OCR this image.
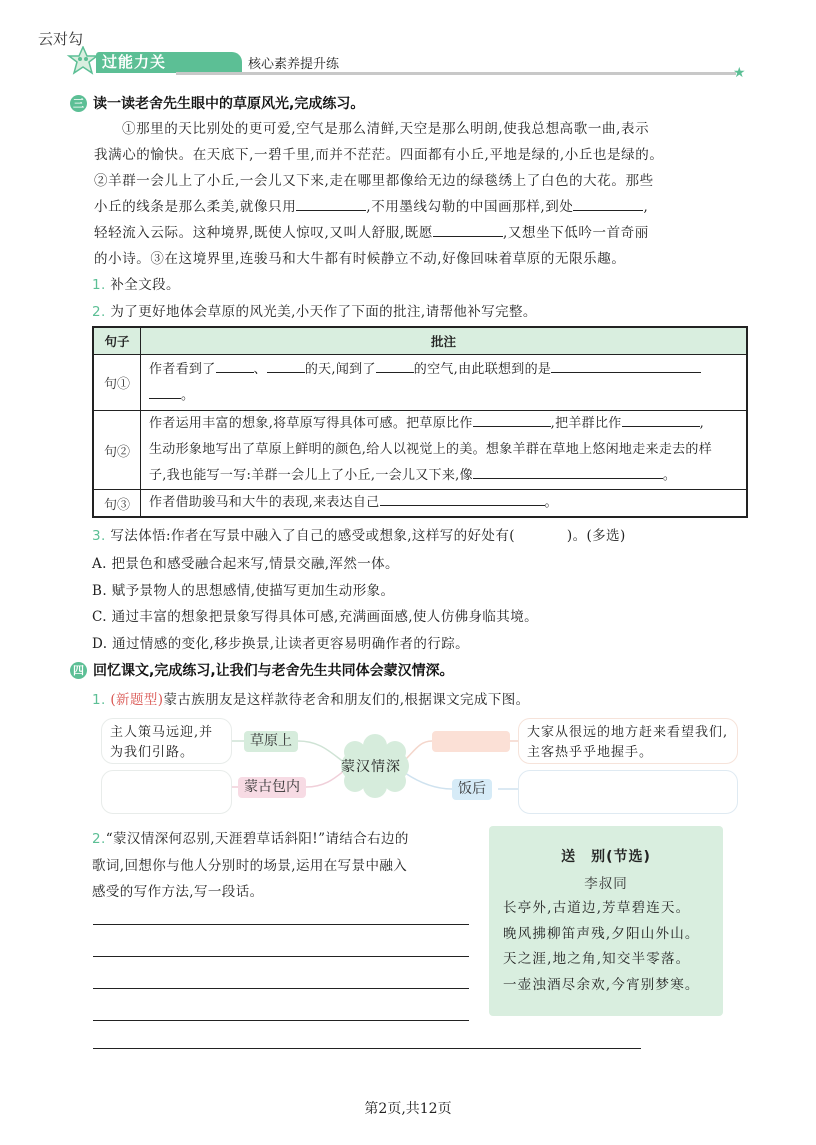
云对勾
过能力关	核心素养提升练
★
三 读一读老舍先生眼中的草原风光,完成练习。
①那里的天比别处的更可爱,空气是那么清鲜,天空是那么明朗,使我总想高歌一曲,表示
我满心的愉快。在天底下,一碧千里,而并不茫茫。四面都有小丘,平地是绿的,小丘也是绿的。
②羊群一会儿上了小丘,一会儿又下来,走在哪里都像给无边的绿毯绣上了白色的大花。那些
小丘的线条是那么柔美,就像只用	,不用墨线勾勒的中国画那样,到处	,
轻轻流入云际。这种境界,既使人惊叹,又叫人舒服,既愿	,又想坐下低吟一首奇丽
的小诗。③在这境界里,连骏马和大牛都有时候静立不动,好像回味着草原的无限乐趣。
1. 补全文段。
2. 为了更好地体会草原的风光美,小天作了下面的批注,请帮他补写完整。
句子	批注
句①	作者看到了 、 的天,闻到了 的空气,由此联想到的是
。

句②	作者运用丰富的想象,将草原写得具体可感。把草原比作 ,把羊群比作 ,
生动形象地写出了草原上鲜明的颜色,给人以视觉上的美。想象羊群在草地上悠闲地走来走去的样
子,我也能写一写:羊群一会儿上了小丘,一会儿又下来,像 。

句③	作者借助骏马和大牛的表现,来表达自己 。
3. 写法体悟:作者在写景中融入了自己的感受或想象,这样写的好处有(	)。(多选)
A. 把景色和感受融合起来写,情景交融,浑然一体。
B. 赋予景物人的思想感情,使描写更加生动形象。
C. 通过丰富的想象把景象写得具体可感,充满画面感,使人仿佛身临其境。
D. 通过情感的变化,移步换景,让读者更容易明确作者的行踪。
四 回忆课文,完成练习,让我们与老舍先生共同体会蒙汉情深。
1. (新题型)蒙古族朋友是这样款待老舍和朋友们的,根据课文完成下图。
蒙汉情深
主人策马远迎,并为我们引路。
草原上
蒙古包内
大家从很远的地方赶来看望我们,主客热乎乎地握手。
饭后
2.“蒙汉情深何忍别,天涯碧草话斜阳!”请结合右边的
歌词,回想你与他人分别时的场景,运用在写景中融入
感受的写作方法,写一段话。
送　别(节选)
李叔同
长亭外,古道边,芳草碧连天。
晚风拂柳笛声残,夕阳山外山。
天之涯,地之角,知交半零落。
一壶浊酒尽余欢,今宵别梦寒。
第2页,共12页
